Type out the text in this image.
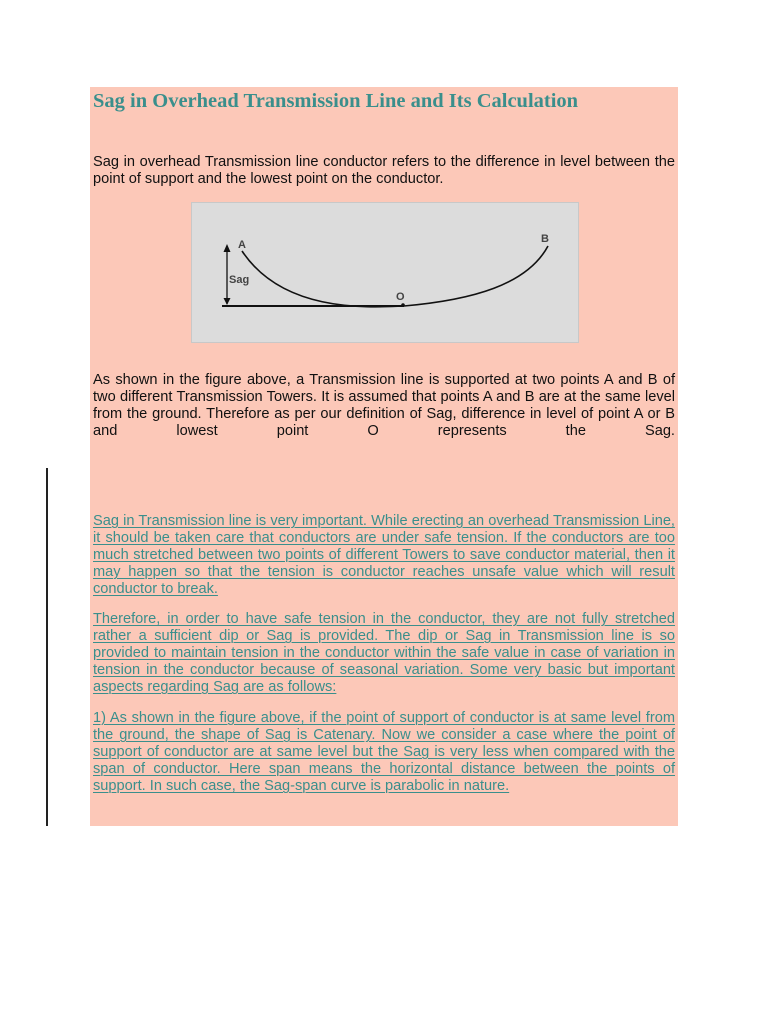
Sag in Overhead Transmission Line and Its Calculation

Sag in overhead Transmission line conductor refers to the difference in level between the point of support and the lowest point on the conductor.

A	B
Sag
O

As shown in the figure above, a Transmission line is supported at two points A and B of two different Transmission Towers. It is assumed that points A and B are at the same level from the ground. Therefore as per our definition of Sag, difference in level of point A or B and lowest point O represents the Sag.

Sag in Transmission line is very important. While erecting an overhead Transmission Line, it should be taken care that conductors are under safe tension. If the conductors are too much stretched between two points of different Towers to save conductor material, then it may happen so that the tension is conductor reaches unsafe value which will result conductor to break.

Therefore, in order to have safe tension in the conductor, they are not fully stretched rather a sufficient dip or Sag is provided. The dip or Sag in Transmission line is so provided to maintain tension in the conductor within the safe value in case of variation in tension in the conductor because of seasonal variation. Some very basic but important aspects regarding Sag are as follows:

1) As shown in the figure above, if the point of support of conductor is at same level from the ground, the shape of Sag is Catenary. Now we consider a case where the point of support of conductor are at same level but the Sag is very less when compared with the span of conductor. Here span means the horizontal distance between the points of support. In such case, the Sag-span curve is parabolic in nature.
